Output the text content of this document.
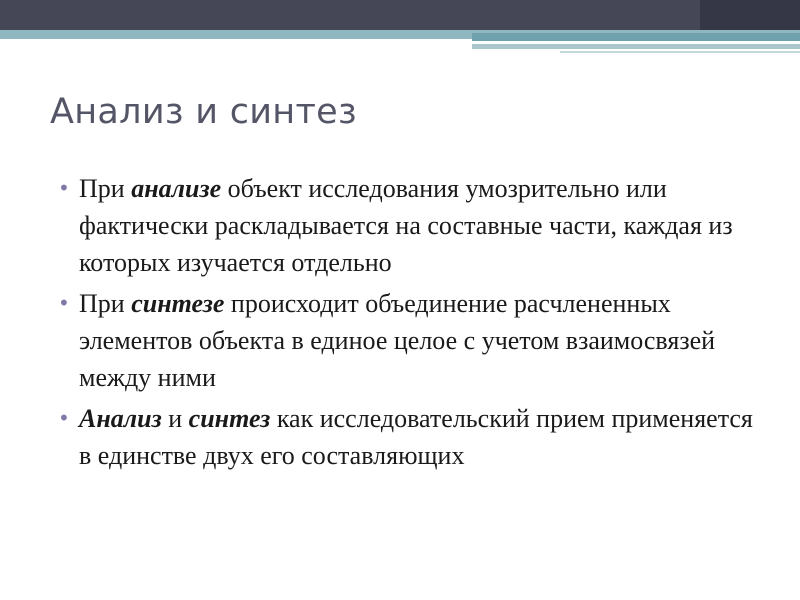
Анализ и синтез
• При анализе объект исследования умозрительно или фактически раскладывается на составные части, каждая из которых изучается отдельно
• При синтезе происходит объединение расчлененных элементов объекта в единое целое с учетом взаимосвязей между ними
• Анализ и синтез как исследовательский прием применяется в единстве двух его составляющих
